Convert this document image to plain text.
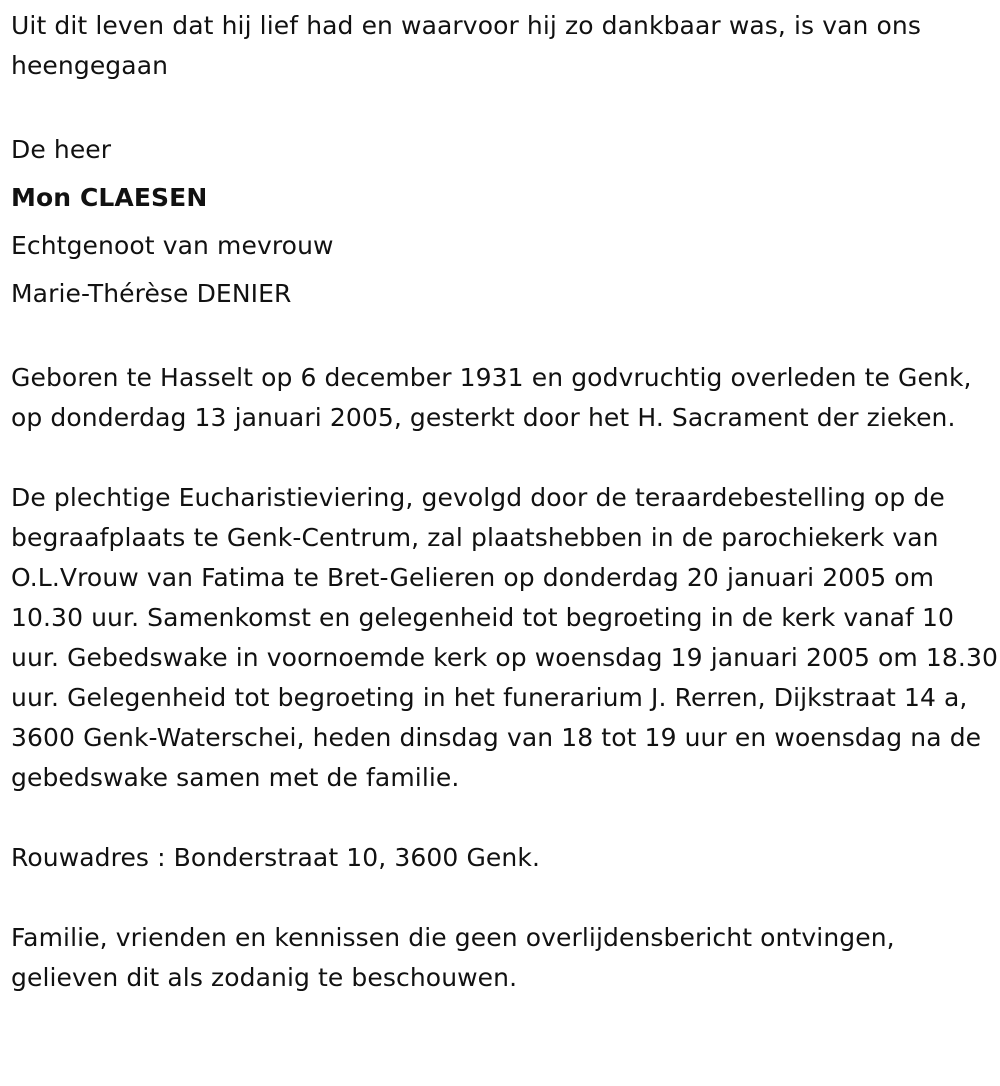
Uit dit leven dat hij lief had en waarvoor hij zo dankbaar was, is van ons heengegaan

De heer

Mon CLAESEN

Echtgenoot van mevrouw

Marie-Thérèse DENIER

Geboren te Hasselt op 6 december 1931 en godvruchtig overleden te Genk, op donderdag 13 januari 2005, gesterkt door het H. Sacrament der zieken.

De plechtige Eucharistieviering, gevolgd door de teraardebestelling op de begraafplaats te Genk-Centrum, zal plaatshebben in de parochiekerk van O.L.Vrouw van Fatima te Bret-Gelieren op donderdag 20 januari 2005 om 10.30 uur. Samenkomst en gelegenheid tot begroeting in de kerk vanaf 10 uur. Gebedswake in voornoemde kerk op woensdag 19 januari 2005 om 18.30 uur. Gelegenheid tot begroeting in het funerarium J. Rerren, Dijkstraat 14 a, 3600 Genk-Waterschei, heden dinsdag van 18 tot 19 uur en woensdag na de gebedswake samen met de familie.

Rouwadres : Bonderstraat 10, 3600 Genk.

Familie, vrienden en kennissen die geen overlijdensbericht ontvingen, gelieven dit als zodanig te beschouwen.
